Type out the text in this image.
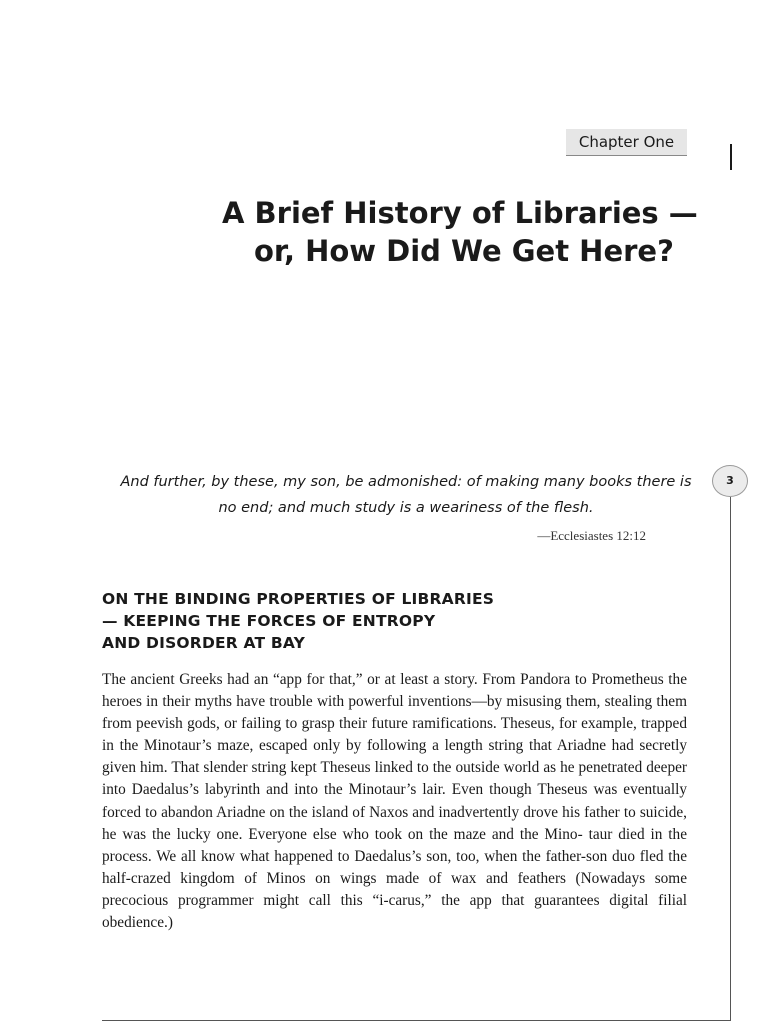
Chapter One
A Brief History of Libraries — or, How Did We Get Here?

And further, by these, my son, be admonished: of making many books there is no end; and much study is a weariness of the flesh.

—Ecclesiastes 12:12
3
ON THE BINDING PROPERTIES OF LIBRARIES
— KEEPING THE FORCES OF ENTROPY
AND DISORDER AT BAY

The ancient Greeks had an “app for that,” or at least a story. From Pandora to Prometheus the heroes in their myths have trouble with powerful inventions—by misusing them, stealing them from peevish gods, or failing to grasp their future ramifications. Theseus, for example, trapped in the Minotaur’s maze, escaped only by following a length string that Ariadne had secretly given him. That slender string kept Theseus linked to the outside world as he penetrated deeper into Daedalus’s labyrinth and into the Minotaur’s lair. Even though Theseus was eventually forced to abandon Ariadne on the island of Naxos and inadvertently drove his father to suicide, he was the lucky one. Everyone else who took on the maze and the Mino- taur died in the process. We all know what happened to Daedalus’s son, too, when the father-son duo fled the half-crazed kingdom of Minos on wings made of wax and feathers (Nowadays some precocious programmer might call this “i-carus,” the app that guarantees digital filial obedience.)
